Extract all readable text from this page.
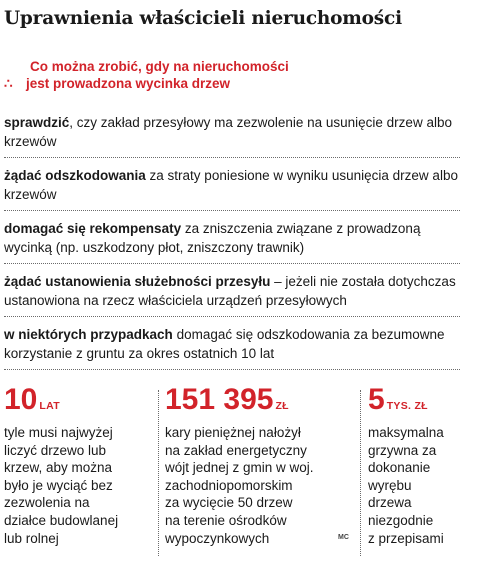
Uprawnienia właścicieli nieruchomości
Co można zrobić, gdy na nieruchomości
∴ jest prowadzona wycinka drzew
sprawdzić, czy zakład przesyłowy ma zezwolenie na usunięcie drzew albo krzewów
żądać odszkodowania za straty poniesione w wyniku usunięcia drzew albo krzewów
domagać się rekompensaty za zniszczenia związane z prowadzoną wycinką (np. uszkodzony płot, zniszczony trawnik)
żądać ustanowienia służebności przesyłu – jeżeli nie została dotychczas ustanowiona na rzecz właściciela urządzeń przesyłowych
w niektórych przypadkach domagać się odszkodowania za bezumowne korzystanie z gruntu za okres ostatnich 10 lat
10 LAT
tyle musi najwyżej
liczyć drzewo lub
krzew, aby można
było je wyciąć bez
zezwolenia na
działce budowlanej
lub rolnej
151 395 ZŁ
kary pieniężnej nałożył
na zakład energetyczny
wójt jednej z gmin w woj.
zachodniopomorskim
za wycięcie 50 drzew
na terenie ośrodków
wypoczynkowych	MC
5 TYS. ZŁ
maksymalna
grzywna za
dokonanie
wyrębu
drzewa
niezgodnie
z przepisami
